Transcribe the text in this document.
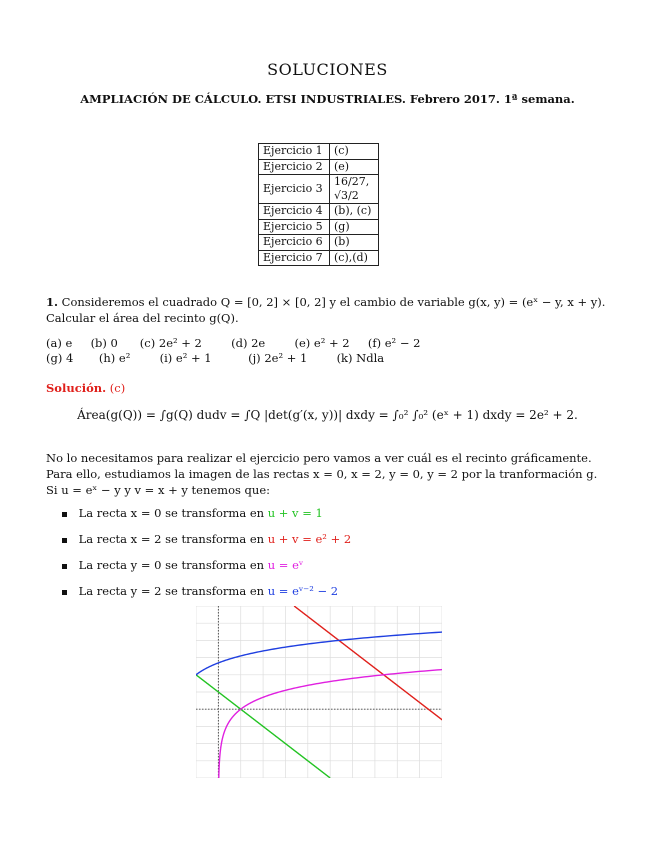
SOLUCIONES
AMPLIACIÓN DE CÁLCULO. ETSI INDUSTRIALES. Febrero 2017. 1ª semana.
Ejercicio 1	(c)
Ejercicio 2	(e)
Ejercicio 3	16/27, √3/2
Ejercicio 4	(b), (c)
Ejercicio 5	(g)
Ejercicio 6	(b)
Ejercicio 7	(c),(d)
1. Consideremos el cuadrado Q = [0, 2] × [0, 2] y el cambio de variable g(x, y) = (eˣ − y, x + y). Calcular el área del recinto g(Q).
(a) e     (b) 0      (c) 2e² + 2        (d) 2e        (e) e² + 2     (f) e² − 2
(g) 4       (h) e²        (i) e² + 1          (j) 2e² + 1        (k) Ndla
Solución. (c)
Área(g(Q)) = ∫g(Q) dudv = ∫Q |det(g′(x, y))| dxdy = ∫₀² ∫₀² (eˣ + 1) dxdy = 2e² + 2.
No lo necesitamos para realizar el ejercicio pero vamos a ver cuál es el recinto gráficamente. Para ello, estudiamos la imagen de las rectas x = 0, x = 2, y = 0, y = 2 por la tranformación g. Si u = eˣ − y y v = x + y tenemos que:
La recta x = 0 se transforma en u + v = 1
La recta x = 2 se transforma en u + v = e² + 2
La recta y = 0 se transforma en u = eᵛ
La recta y = 2 se transforma en u = eᵛ⁻² − 2
